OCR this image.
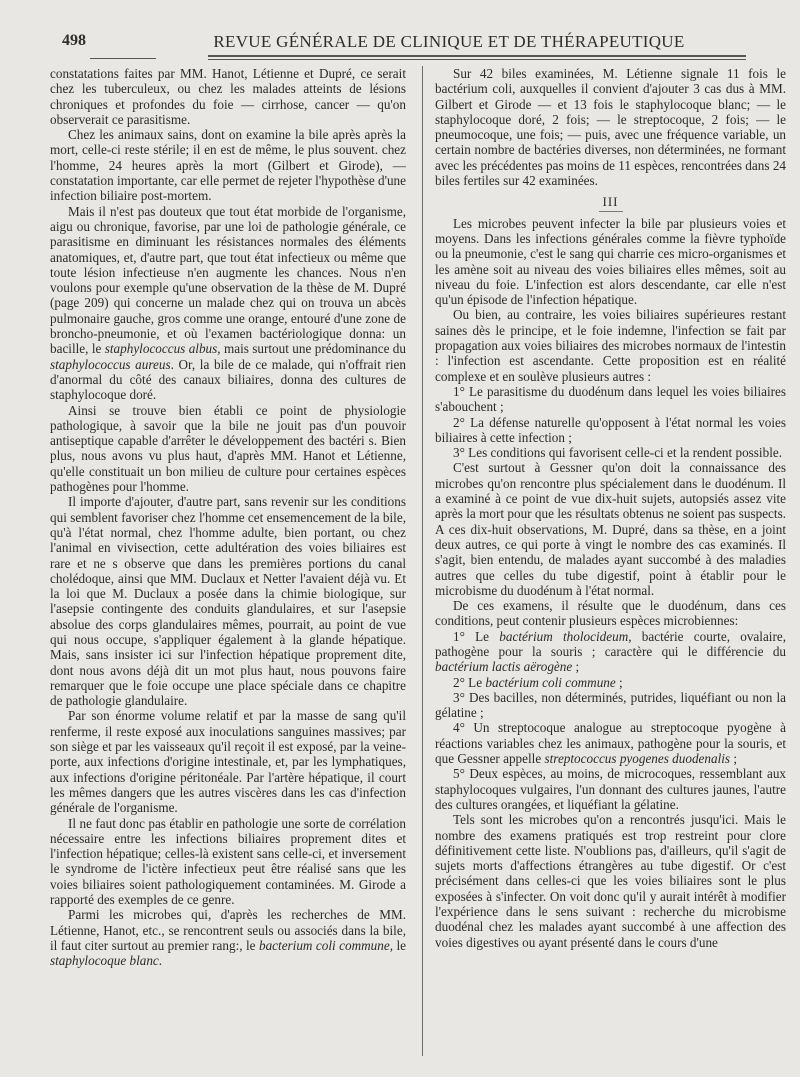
498	REVUE GÉNÉRALE DE CLINIQUE ET DE THÉRAPEUTIQUE

constatations faites par MM. Hanot, Létienne et Dupré, ce serait chez les tuberculeux, ou chez les malades atteints de lésions chroniques et profondes du foie — cirrhose, cancer — qu'on observerait ce parasitisme.

Chez les animaux sains, dont on examine la bile après après la mort, celle-ci reste stérile; il en est de même, le plus souvent. chez l'homme, 24 heures après la mort (Gilbert et Girode), — constatation importante, car elle permet de rejeter l'hypothèse d'une infection biliaire post-mortem.

Mais il n'est pas douteux que tout état morbide de l'organisme, aigu ou chronique, favorise, par une loi de pathologie générale, ce parasitisme en diminuant les résistances normales des éléments anatomiques, et, d'autre part, que tout état infectieux ou même que toute lésion infectieuse n'en augmente les chances. Nous n'en voulons pour exemple qu'une observation de la thèse de M. Dupré (page 209) qui concerne un malade chez qui on trouva un abcès pulmonaire gauche, gros comme une orange, entouré d'une zone de broncho-pneumonie, et où l'examen bactériologique donna: un bacille, le staphylococcus albus, mais surtout une prédominance du staphylococcus aureus. Or, la bile de ce malade, qui n'offrait rien d'anormal du côté des canaux biliaires, donna des cultures de staphylocoque doré.

Ainsi se trouve bien établi ce point de physiologie pathologique, à savoir que la bile ne jouit pas d'un pouvoir antiseptique capable d'arrêter le développement des bactéri s. Bien plus, nous avons vu plus haut, d'après MM. Hanot et Létienne, qu'elle constituait un bon milieu de culture pour certaines espèces pathogènes pour l'homme.

Il importe d'ajouter, d'autre part, sans revenir sur les conditions qui semblent favoriser chez l'homme cet ensemencement de la bile, qu'à l'état normal, chez l'homme adulte, bien portant, ou chez l'animal en vivisection, cette adultération des voies biliaires est rare et ne s observe que dans les premières portions du canal cholédoque, ainsi que MM. Duclaux et Netter l'avaient déjà vu. Et la loi que M. Duclaux a posée dans la chimie biologique, sur l'asepsie contingente des conduits glandulaires, et sur l'asepsie absolue des corps glandulaires mêmes, pourrait, au point de vue qui nous occupe, s'appliquer également à la glande hépatique. Mais, sans insister ici sur l'infection hépatique proprement dite, dont nous avons déjà dit un mot plus haut, nous pouvons faire remarquer que le foie occupe une place spéciale dans ce chapitre de pathologie glandulaire.

Par son énorme volume relatif et par la masse de sang qu'il renferme, il reste exposé aux inoculations sanguines massives; par son siège et par les vaisseaux qu'il reçoit il est exposé, par la veine-porte, aux infections d'origine intestinale, et, par les lymphatiques, aux infections d'origine péritonéale. Par l'artère hépatique, il court les mêmes dangers que les autres viscères dans les cas d'infection générale de l'organisme.

Il ne faut donc pas établir en pathologie une sorte de corrélation nécessaire entre les infections biliaires proprement dites et l'infection hépatique; celles-là existent sans celle-ci, et inversement le syndrome de l'ictère infectieux peut être réalisé sans que les voies biliaires soient pathologiquement contaminées. M. Girode a rapporté des exemples de ce genre.

Parmi les microbes qui, d'après les recherches de MM. Létienne, Hanot, etc., se rencontrent seuls ou associés dans la bile, il faut citer surtout au premier rang:, le bacterium coli commune, le staphylocoque blanc.

Sur 42 biles examinées, M. Létienne signale 11 fois le bactérium coli, auxquelles il convient d'ajouter 3 cas dus à MM. Gilbert et Girode — et 13 fois le staphylocoque blanc; — le staphylocoque doré, 2 fois; — le streptocoque, 2 fois; — le pneumocoque, une fois; — puis, avec une fréquence variable, un certain nombre de bactéries diverses, non déterminées, ne formant avec les précédentes pas moins de 11 espèces, rencontrées dans 24 biles fertiles sur 42 examinées.

III

Les microbes peuvent infecter la bile par plusieurs voies et moyens. Dans les infections générales comme la fièvre typhoïde ou la pneumonie, c'est le sang qui charrie ces micro-organismes et les amène soit au niveau des voies biliaires elles mêmes, soit au niveau du foie. L'infection est alors descendante, car elle n'est qu'un épisode de l'infection hépatique.

Ou bien, au contraire, les voies biliaires supérieures restant saines dès le principe, et le foie indemne, l'infection se fait par propagation aux voies biliaires des microbes normaux de l'intestin : l'infection est ascendante. Cette proposition est en réalité complexe et en soulève plusieurs autres :

1° Le parasitisme du duodénum dans lequel les voies biliaires s'abouchent ;

2° La défense naturelle qu'opposent à l'état normal les voies biliaires à cette infection ;

3° Les conditions qui favorisent celle-ci et la rendent possible.

C'est surtout à Gessner qu'on doit la connaissance des microbes qu'on rencontre plus spécialement dans le duodénum. Il a examiné à ce point de vue dix-huit sujets, autopsiés assez vite après la mort pour que les résultats obtenus ne soient pas suspects. A ces dix-huit observations, M. Dupré, dans sa thèse, en a joint deux autres, ce qui porte à vingt le nombre des cas examinés. Il s'agit, bien entendu, de malades ayant succombé à des maladies autres que celles du tube digestif, point à établir pour le microbisme du duodénum à l'état normal.

De ces examens, il résulte que le duodénum, dans ces conditions, peut contenir plusieurs espèces microbiennes:

1° Le bactérium tholocideum, bactérie courte, ovalaire, pathogène pour la souris ; caractère qui le différencie du bactérium lactis aërogène ;

2° Le bactérium coli commune ;

3° Des bacilles, non déterminés, putrides, liquéfiant ou non la gélatine ;

4° Un streptocoque analogue au streptocoque pyogène à réactions variables chez les animaux, pathogène pour la souris, et que Gessner appelle streptococcus pyogenes duodenalis ;

5° Deux espèces, au moins, de microcoques, ressemblant aux staphylocoques vulgaires, l'un donnant des cultures jaunes, l'autre des cultures orangées, et liquéfiant la gélatine.

Tels sont les microbes qu'on a rencontrés jusqu'ici. Mais le nombre des examens pratiqués est trop restreint pour clore définitivement cette liste. N'oublions pas, d'ailleurs, qu'il s'agit de sujets morts d'affections étrangères au tube digestif. Or c'est précisément dans celles-ci que les voies biliaires sont le plus exposées à s'infecter. On voit donc qu'il y aurait intérêt à modifier l'expérience dans le sens suivant : recherche du microbisme duodénal chez les malades ayant succombé à une affection des voies digestives ou ayant présenté dans le cours d'une
